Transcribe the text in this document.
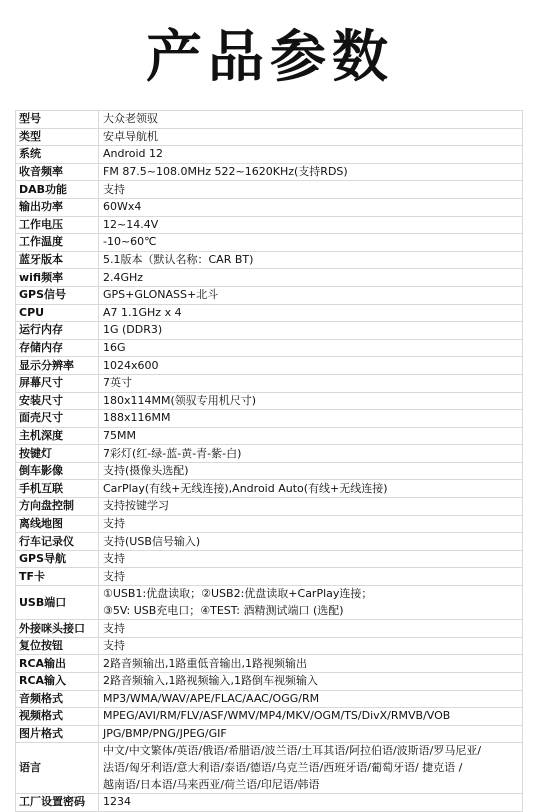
产品参数
型号	大众老领驭
类型	安卓导航机
系统	Android 12
收音频率	FM 87.5~108.0MHz 522~1620KHz(支持RDS)
DAB功能	支持
输出功率	60Wx4
工作电压	12~14.4V
工作温度	-10~60℃
蓝牙版本	5.1版本（默认名称：CAR BT)
wifi频率	2.4GHz
GPS信号	GPS+GLONASS+北斗
CPU	A7 1.1GHz x 4
运行内存	1G (DDR3)
存储内存	16G
显示分辨率	1024x600
屏幕尺寸	7英寸
安装尺寸	180x114MM(领驭专用机尺寸)
面壳尺寸	188x116MM
主机深度	75MM
按键灯	7彩灯(红-绿-蓝-黄-青-紫-白)
倒车影像	支持(摄像头选配)
手机互联	CarPlay(有线+无线连接),Android Auto(有线+无线连接)
方向盘控制	支持按键学习
离线地图	支持
行车记录仪	支持(USB信号输入)
GPS导航	支持
TF卡	支持
USB端口	①USB1:优盘读取；②USB2:优盘读取+CarPlay连接；
③5V: USB充电口；④TEST: 酒精测试端口 (选配)

外接咪头接口	支持
复位按钮	支持
RCA输出	2路音频输出,1路重低音输出,1路视频输出
RCA输入	2路音频输入,1路视频输入,1路倒车视频输入
音频格式	MP3/WMA/WAV/APE/FLAC/AAC/OGG/RM
视频格式	MPEG/AVI/RM/FLV/ASF/WMV/MP4/MKV/OGM/TS/DivX/RMVB/VOB
图片格式	JPG/BMP/PNG/JPEG/GIF
语言	中文/中文繁体/英语/俄语/希腊语/波兰语/土耳其语/阿拉伯语/波斯语/罗马尼亚/
法语/匈牙利语/意大利语/泰语/德语/乌克兰语/西班牙语/葡萄牙语/ 捷克语 /
越南语/日本语/马来西亚/荷兰语/印尼语/韩语

工厂设置密码	1234
